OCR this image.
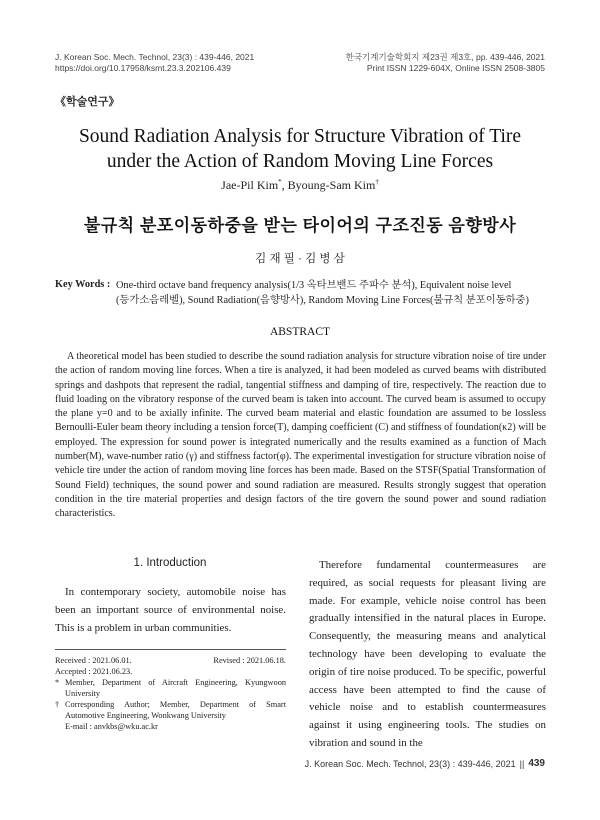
J. Korean Soc. Mech. Technol, 23(3) : 439-446, 2021
https://doi.org/10.17958/ksmt.23.3.202106.439
한국기계기술학회지 제23권 제3호, pp. 439-446, 2021
Print ISSN 1229-604X, Online ISSN 2508-3805
《학술연구》
Sound Radiation Analysis for Structure Vibration of Tire
under the Action of Random Moving Line Forces
Jae-Pil Kim*, Byoung-Sam Kim†
불규칙 분포이동하중을 받는 타이어의 구조진동 음향방사
김 재 필 · 김 병 삼
Key Words : One-third octave band frequency analysis(1/3 옥타브밴드 주파수 분석), Equivalent noise level
(등가소음레벨), Sound Radiation(음향방사), Random Moving Line Forces(불규칙 분포이동하중)
ABSTRACT
A theoretical model has been studied to describe the sound radiation analysis for structure vibration noise of tire under the action of random moving line forces. When a tire is analyzed, it had been modeled as curved beams with distributed springs and dashpots that represent the radial, tangential stiffness and damping of tire, respectively. The reaction due to fluid loading on the vibratory response of the curved beam is taken into account. The curved beam is assumed to occupy the plane y=0 and to be axially infinite. The curved beam material and elastic foundation are assumed to be lossless Bernoulli-Euler beam theory including a tension force(T), damping coefficient (C) and stiffness of foundation(κ2) will be employed. The expression for sound power is integrated numerically and the results examined as a function of Mach number(M), wave-number ratio (γ) and stiffness factor(φ). The experimental investigation for structure vibration noise of vehicle tire under the action of random moving line forces has been made. Based on the STSF(Spatial Transformation of Sound Field) techniques, the sound power and sound radiation are measured. Results strongly suggest that operation condition in the tire material properties and design factors of the tire govern the sound power and sound radiation characteristics.
1. Introduction
In contemporary society, automobile noise has been an important source of environmental noise. This is a problem in urban communities.
Received : 2021.06.01.	Revised : 2021.06.18.
Accepted : 2021.06.23.
* Member, Department of Aircraft Engineering, Kyungwoon University
† Corresponding Author; Member, Department of Smart Automotive Engineering, Wonkwang University
E-mail : anvkbs@wku.ac.kr
Therefore fundamental countermeasures are required, as social requests for pleasant living are made. For example, vehicle noise control has been gradually intensified in the natural places in Europe. Consequently, the measuring means and analytical technology have been developing to evaluate the origin of tire noise produced. To be specific, powerful access have been attempted to find the cause of vehicle noise and to establish countermeasures against it using engineering tools. The studies on vibration and sound in the
J. Korean Soc. Mech. Technol, 23(3) : 439-446, 2021 || 439
